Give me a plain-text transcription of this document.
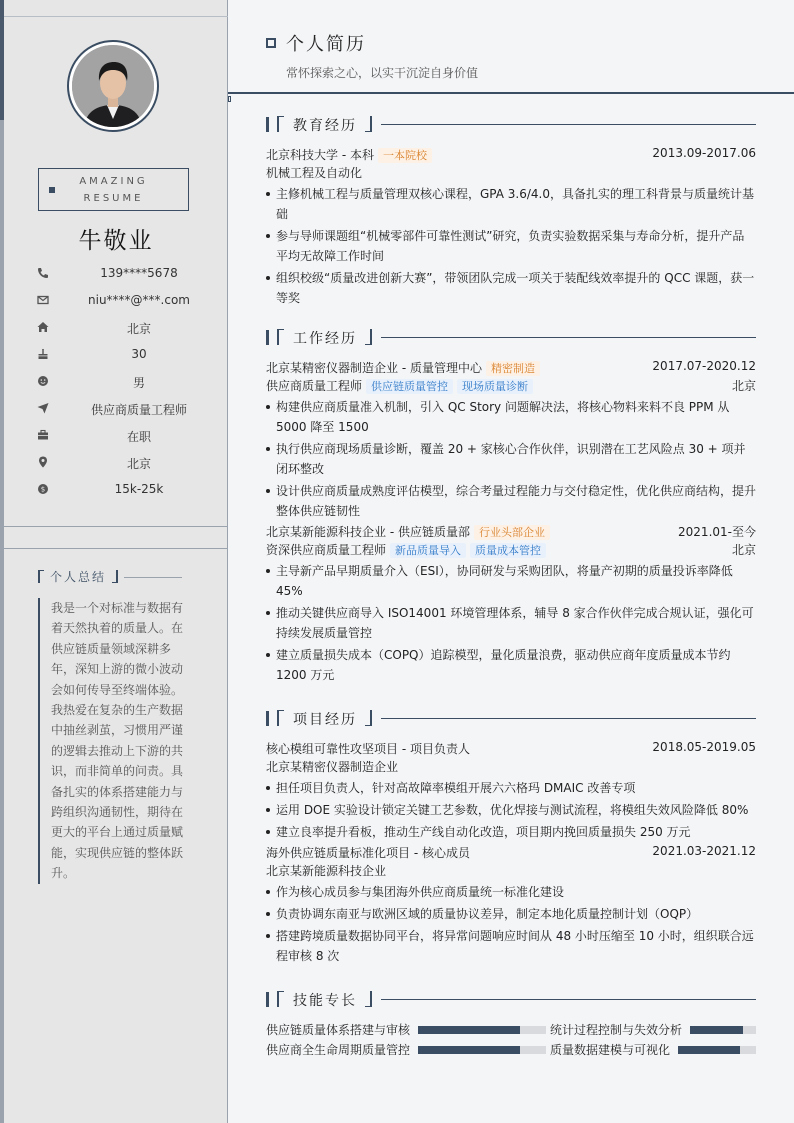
AMAZING
RESUME
牛敬业
139****5678
niu****@***.com
北京
30
男
供应商质量工程师
在职
北京
$	15k-25k
个人总结
我是一个对标准与数据有着天然执着的质量人。在供应链质量领域深耕多年，深知上游的微小波动会如何传导至终端体验。我热爱在复杂的生产数据中抽丝剥茧，习惯用严谨的逻辑去推动上下游的共识，而非简单的问责。具备扎实的体系搭建能力与跨组织沟通韧性，期待在更大的平台上通过质量赋能，实现供应链的整体跃升。
个人简历
常怀探索之心，以实干沉淀自身价值
教育经历
北京科技大学 - 本科 一本院校	2013.09-2017.06
机械工程及自动化
主修机械工程与质量管理双核心课程，GPA 3.6/4.0，具备扎实的理工科背景与质量统计基础
参与导师课题组“机械零部件可靠性测试”研究，负责实验数据采集与寿命分析，提升产品平均无故障工作时间
组织校级“质量改进创新大赛”，带领团队完成一项关于装配线效率提升的 QCC 课题，获一等奖
工作经历
北京某精密仪器制造企业 - 质量管理中心 精密制造	2017.07-2020.12
供应商质量工程师 供应链质量管控 现场质量诊断	北京
构建供应商质量准入机制，引入 QC Story 问题解决法，将核心物料来料不良 PPM 从 5000 降至 1500
执行供应商现场质量诊断，覆盖 20 + 家核心合作伙伴，识别潜在工艺风险点 30 + 项并闭环整改
设计供应商质量成熟度评估模型，综合考量过程能力与交付稳定性，优化供应商结构，提升整体供应链韧性
北京某新能源科技企业 - 供应链质量部 行业头部企业	2021.01-至今
资深供应商质量工程师 新品质量导入 质量成本管控	北京
主导新产品早期质量介入（ESI），协同研发与采购团队，将量产初期的质量投诉率降低 45%
推动关键供应商导入 ISO14001 环境管理体系，辅导 8 家合作伙伴完成合规认证，强化可持续发展质量管控
建立质量损失成本（COPQ）追踪模型，量化质量浪费，驱动供应商年度质量成本节约 1200 万元
项目经历
核心模组可靠性攻坚项目 - 项目负责人	2018.05-2019.05
北京某精密仪器制造企业
担任项目负责人，针对高故障率模组开展六六格玛 DMAIC 改善专项
运用 DOE 实验设计锁定关键工艺参数，优化焊接与测试流程，将模组失效风险降低 80%
建立良率提升看板，推动生产线自动化改造，项目期内挽回质量损失 250 万元
海外供应链质量标准化项目 - 核心成员	2021.03-2021.12
北京某新能源科技企业
作为核心成员参与集团海外供应商质量统一标准化建设
负责协调东南亚与欧洲区域的质量协议差异，制定本地化质量控制计划（OQP）
搭建跨境质量数据协同平台，将异常问题响应时间从 48 小时压缩至 10 小时，组织联合远程审核 8 次
技能专长
供应链质量体系搭建与审核	统计过程控制与失效分析
供应商全生命周期质量管控	质量数据建模与可视化
